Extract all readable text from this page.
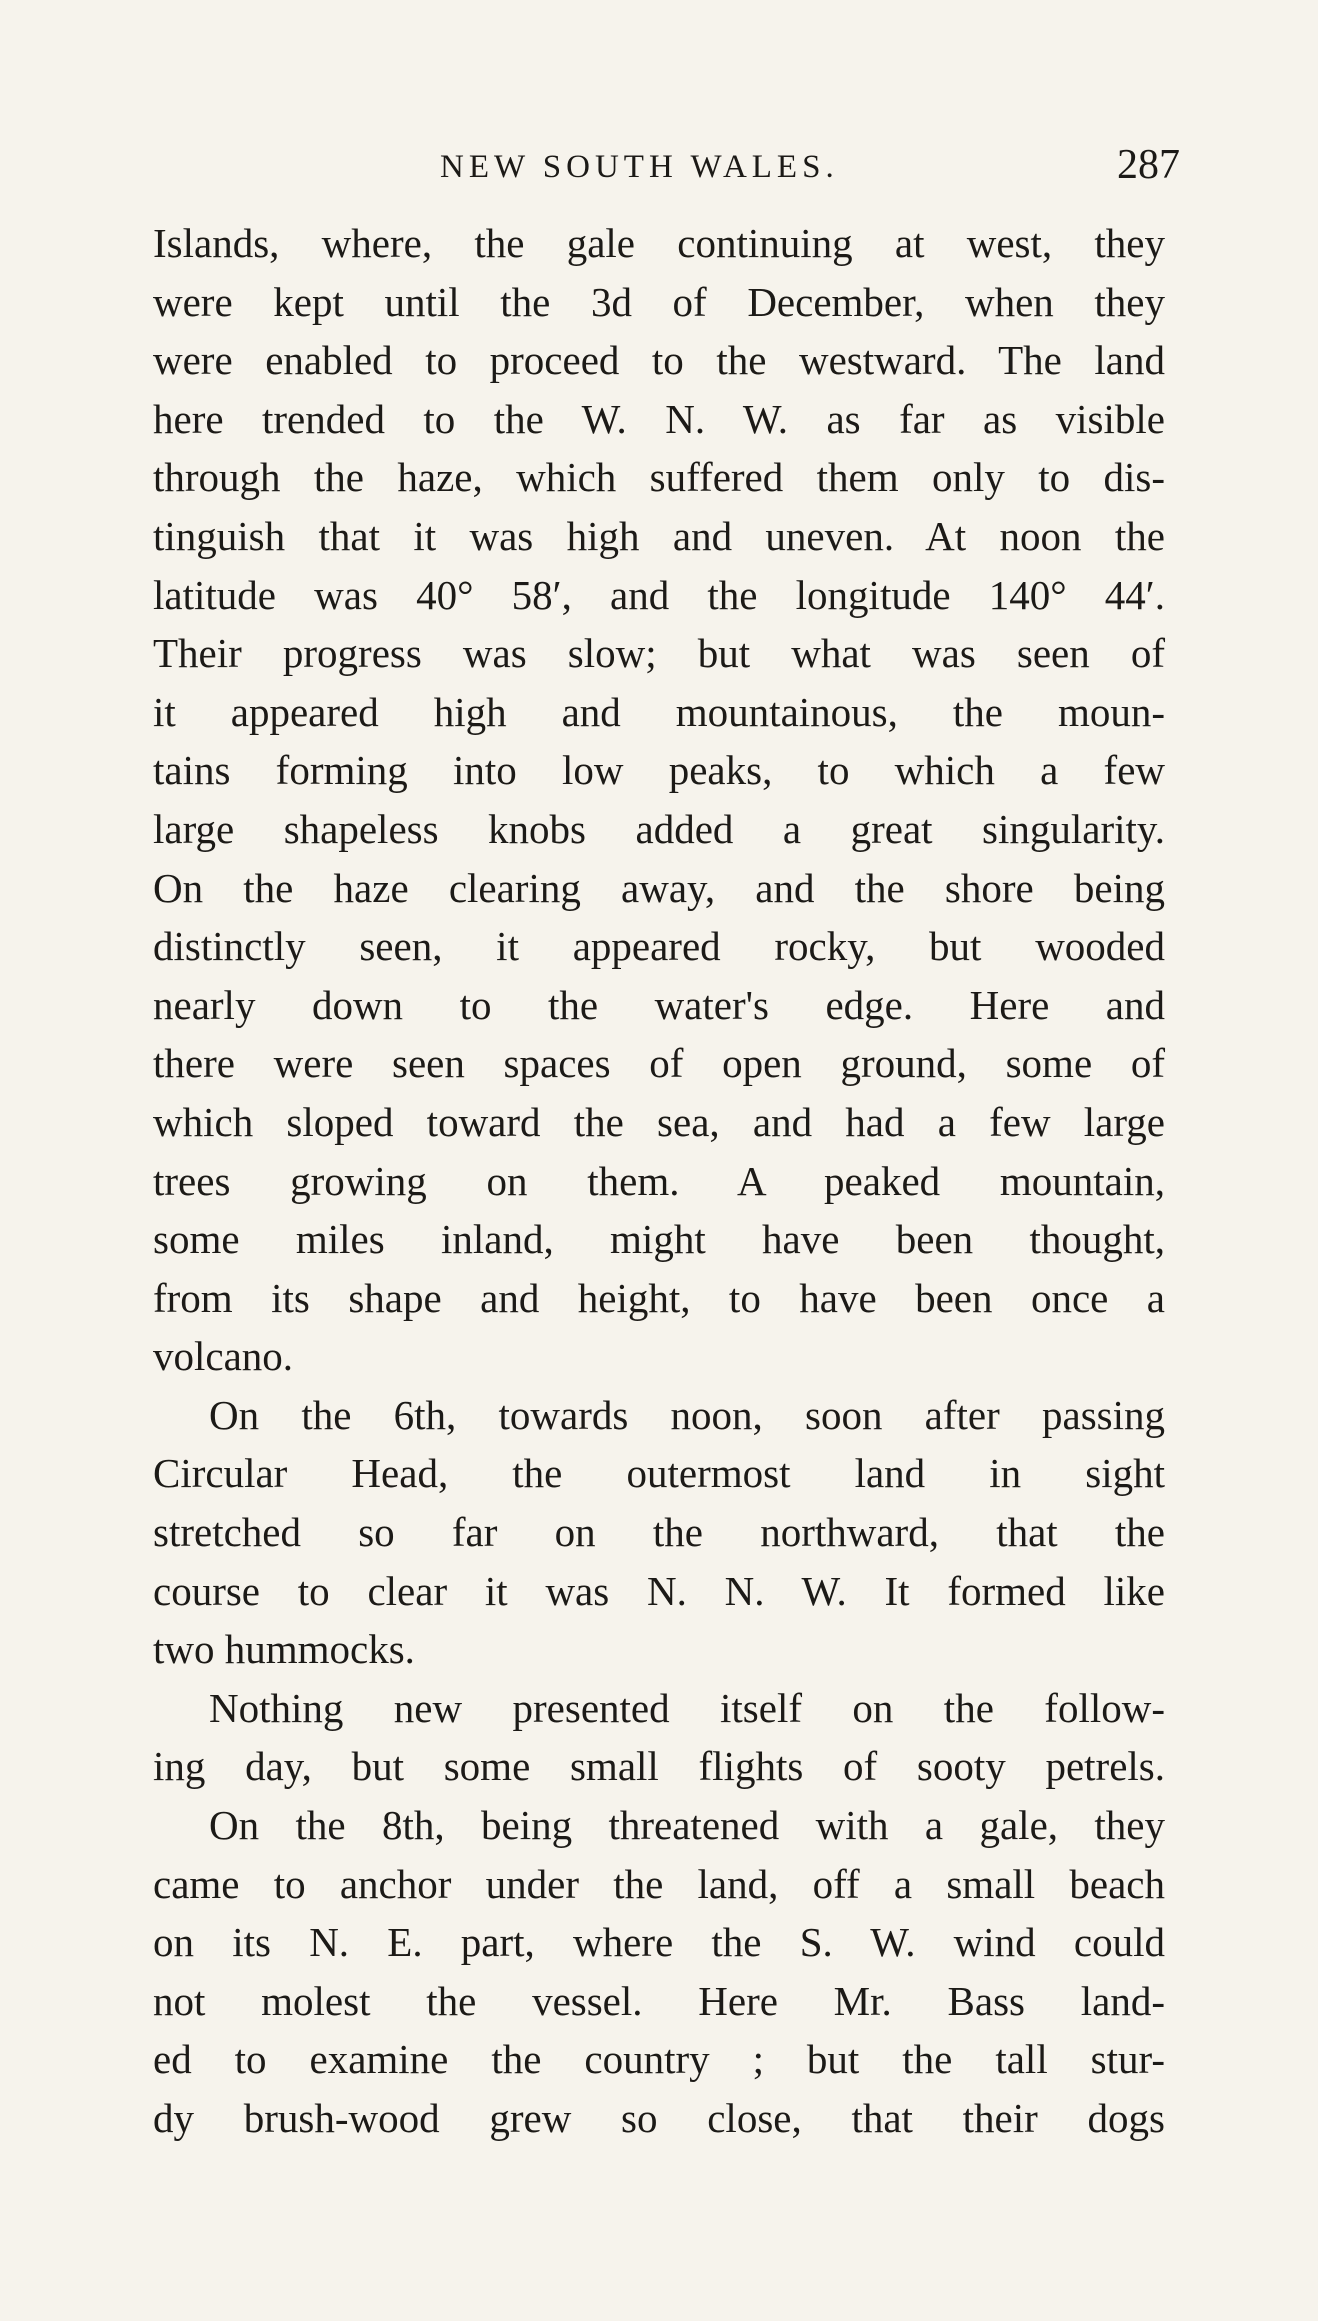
NEW SOUTH WALES.	287
Islands, where, the gale continuing at west, they
were kept until the 3d of December, when they
were enabled to proceed to the westward. The land
here trended to the W. N. W. as far as visible
through the haze, which suffered them only to dis-
tinguish that it was high and uneven. At noon the
latitude was 40° 58′, and the longitude 140° 44′.
Their progress was slow; but what was seen of
it appeared high and mountainous, the moun-
tains forming into low peaks, to which a few
large shapeless knobs added a great singularity.
On the haze clearing away, and the shore being
distinctly seen, it appeared rocky, but wooded
nearly down to the water's edge. Here and
there were seen spaces of open ground, some of
which sloped toward the sea, and had a few large
trees growing on them. A peaked mountain,
some miles inland, might have been thought,
from its shape and height, to have been once a
volcano.
On the 6th, towards noon, soon after passing
Circular Head, the outermost land in sight
stretched so far on the northward, that the
course to clear it was N. N. W. It formed like
two hummocks.
Nothing new presented itself on the follow-
ing day, but some small flights of sooty petrels.
On the 8th, being threatened with a gale, they
came to anchor under the land, off a small beach
on its N. E. part, where the S. W. wind could
not molest the vessel. Here Mr. Bass land-
ed to examine the country ; but the tall stur-
dy brush-wood grew so close, that their dogs
